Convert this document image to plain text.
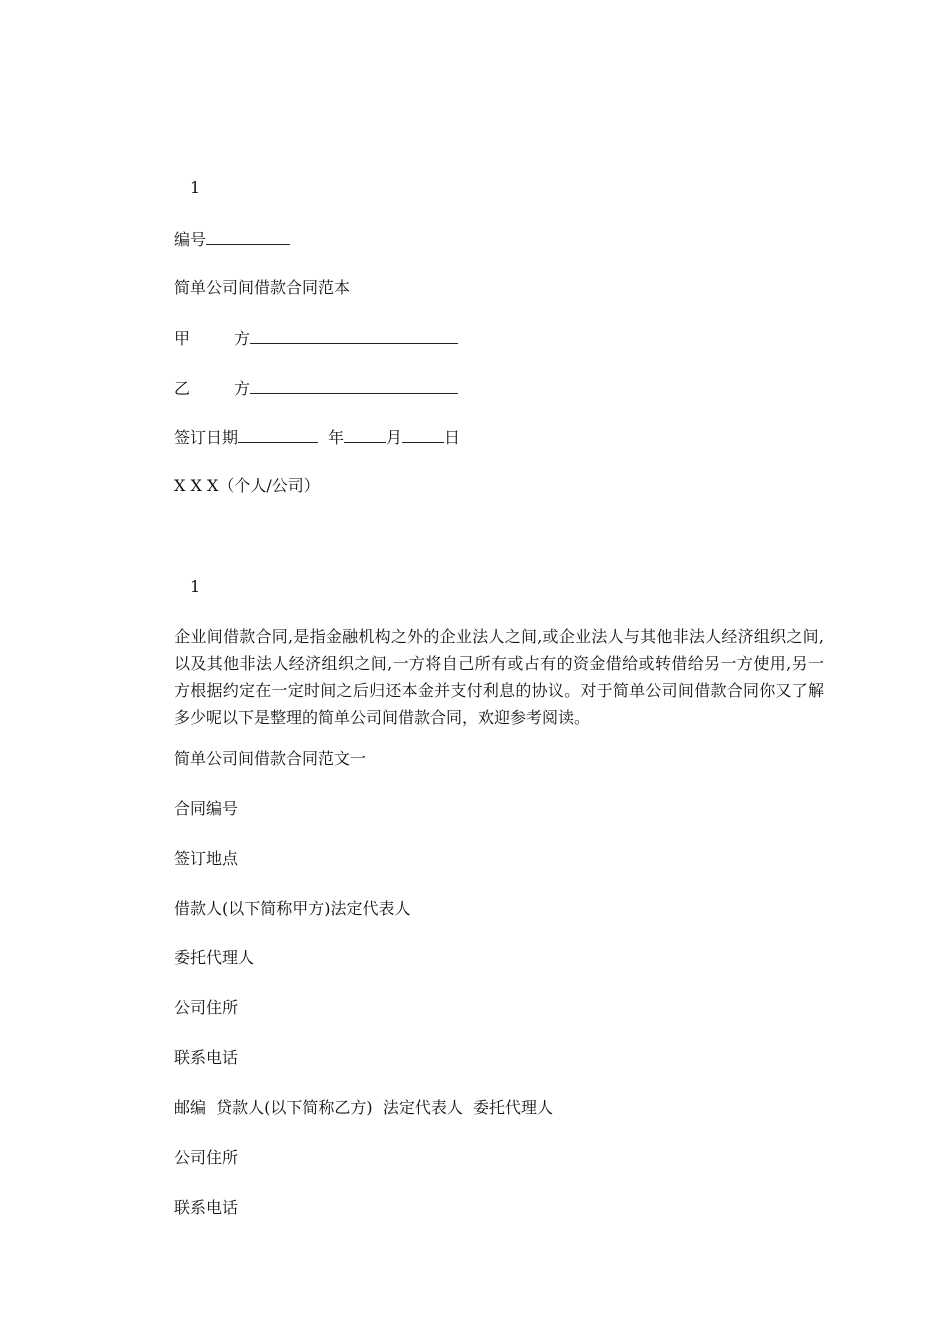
1
编号
简单公司间借款合同范本
甲	方
乙	方
签订日期	年	月	日
X X X（个人/公司）
1
企业间借款合同,是指金融机构之外的企业法人之间,或企业法人与其他非法人经济组织之间,以及其他非法人经济组织之间,一方将自己所有或占有的资金借给或转借给另一方使用,另一方根据约定在一定时间之后归还本金并支付利息的协议。对于简单公司间借款合同你又了解多少呢以下是整理的简单公司间借款合同，欢迎参考阅读。
简单公司间借款合同范文一
合同编号
签订地点
借款人(以下简称甲方)法定代表人
委托代理人
公司住所
联系电话
邮编  贷款人(以下简称乙方)  法定代表人  委托代理人
公司住所
联系电话
